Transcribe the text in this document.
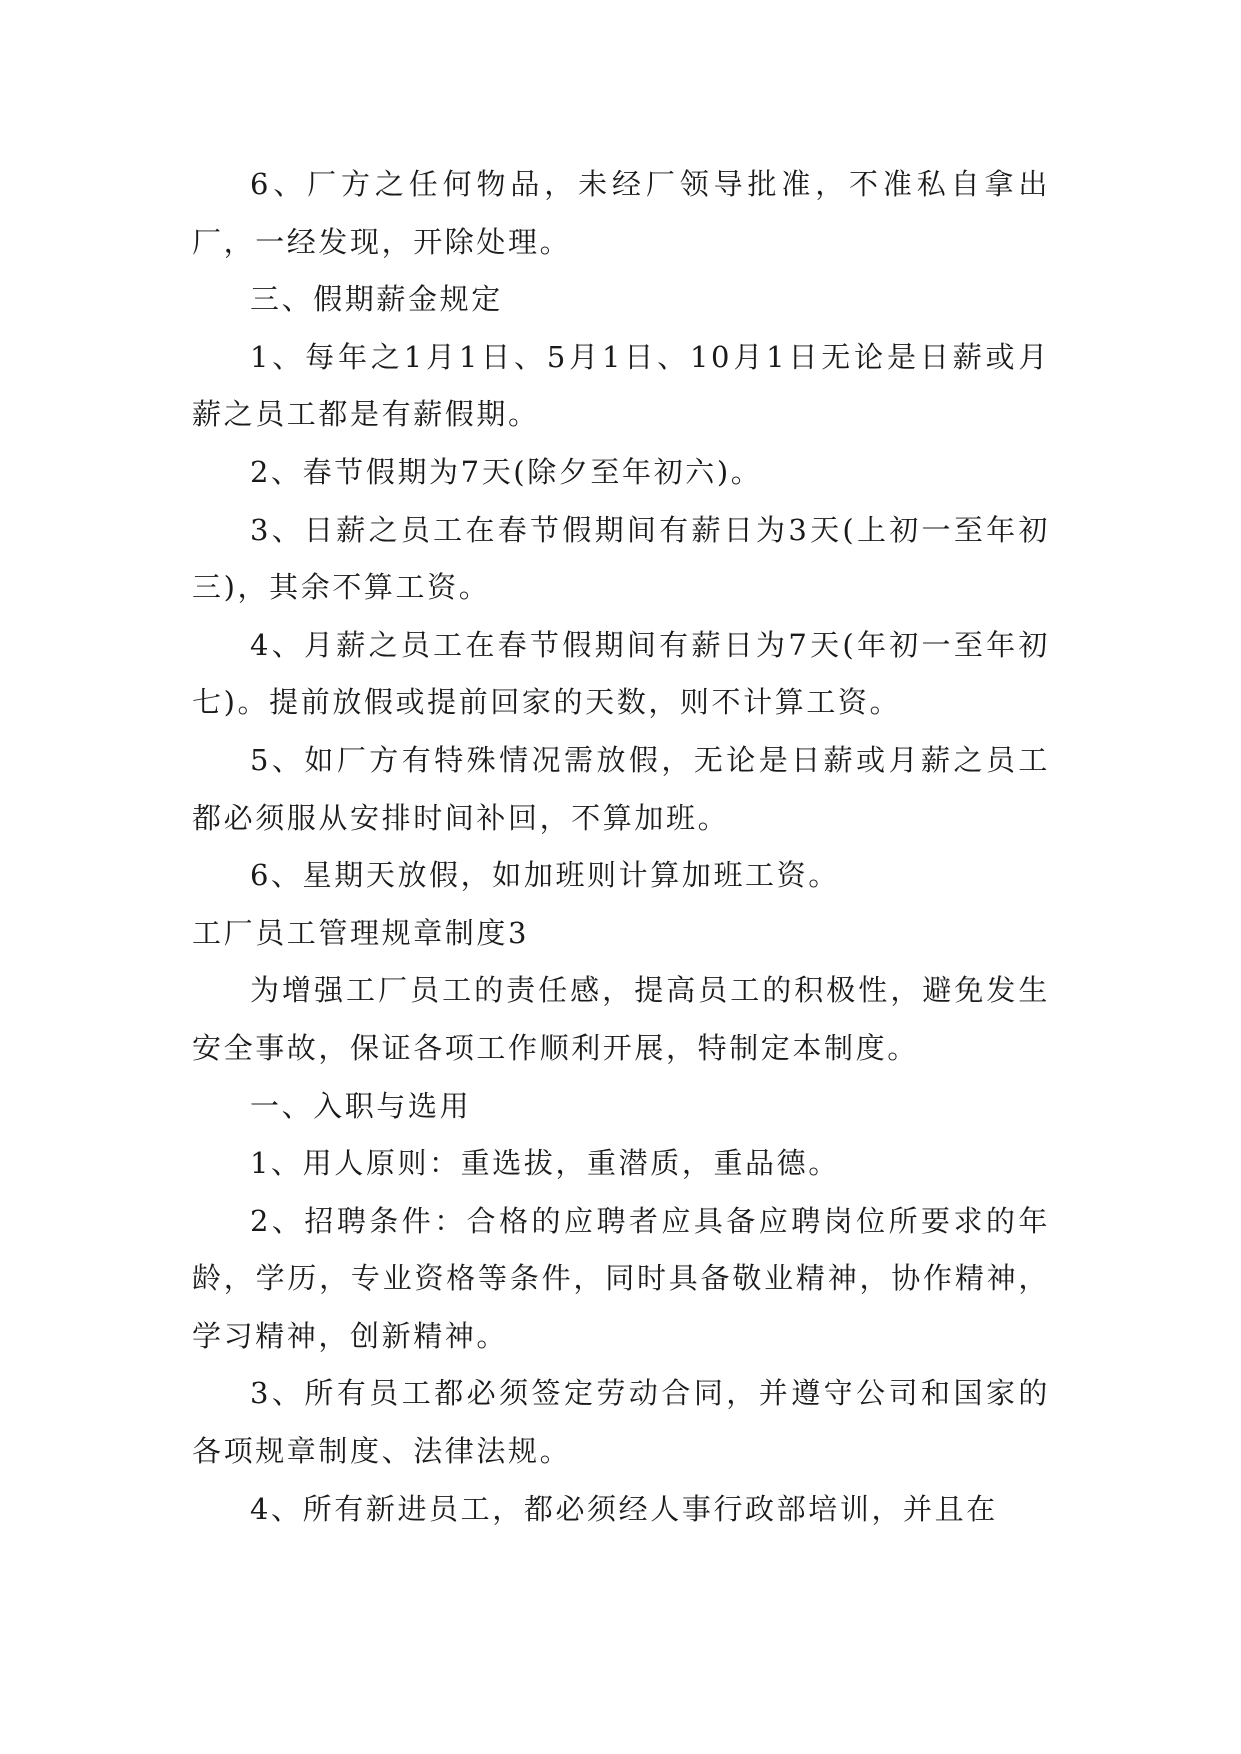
6、厂方之任何物品，未经厂领导批准，不准私自拿出厂，一经发现，开除处理。

三、假期薪金规定

1、每年之1月1日、5月1日、10月1日无论是日薪或月薪之员工都是有薪假期。

2、春节假期为7天(除夕至年初六)。

3、日薪之员工在春节假期间有薪日为3天(上初一至年初三)，其余不算工资。

4、月薪之员工在春节假期间有薪日为7天(年初一至年初七)。提前放假或提前回家的天数，则不计算工资。

5、如厂方有特殊情况需放假，无论是日薪或月薪之员工都必须服从安排时间补回，不算加班。

6、星期天放假，如加班则计算加班工资。

工厂员工管理规章制度3

为增强工厂员工的责任感，提高员工的积极性，避免发生安全事故，保证各项工作顺利开展，特制定本制度。

一、入职与选用

1、用人原则：重选拔，重潜质，重品德。

2、招聘条件：合格的应聘者应具备应聘岗位所要求的年龄，学历，专业资格等条件，同时具备敬业精神，协作精神，学习精神，创新精神。

3、所有员工都必须签定劳动合同，并遵守公司和国家的各项规章制度、法律法规。

4、所有新进员工，都必须经人事行政部培训，并且在
